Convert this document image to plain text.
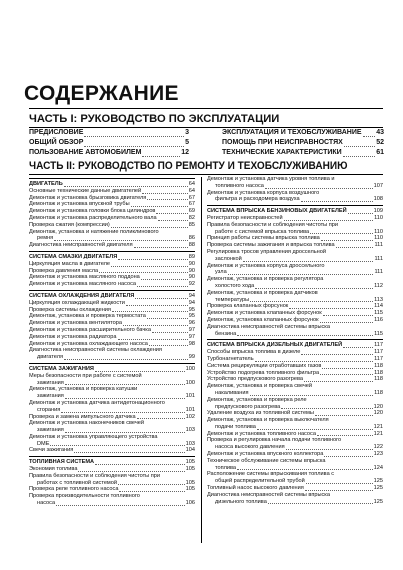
СОДЕРЖАНИЕ
ЧАСТЬ I: РУКОВОДСТВО ПО ЭКСПЛУАТАЦИИ
ПРЕДИСЛОВИЕ	3
ОБЩИЙ ОБЗОР	5
ПОЛЬЗОВАНИЕ АВТОМОБИЛЕМ	12
ЭКСПЛУАТАЦИЯ И ТЕХОБСЛУЖИВАНИЕ 43
ПОМОЩЬ ПРИ НЕИСПРАВНОСТЯХ	52
ТЕХНИЧЕСКИЕ ХАРАКТЕРИСТИКИ	61
ЧАСТЬ II: РУКОВОДСТВО ПО РЕМОНТУ И ТЕХОБСЛУЖИВАНИЮ
ДВИГАТЕЛЬ	64
Основные технические данные двигателей	64
Демонтаж и установка брызговика двигателя	67
Демонтаж и установка впускной трубы	67
Демонтаж и установка головки блока цилиндров	69
Демонтаж и установка распределительного вала	82
Проверка сжатия (компрессии)	85
Демонтаж, установка и натяжение поликлинового
ремня	86
Диагностика неисправностей двигателя	88
СИСТЕМА СМАЗКИ ДВИГАТЕЛЯ	89
Циркуляция масла в двигателе	90
Проверка давления масла	90
Демонтаж и установка масляного поддона	90
Демонтаж и установка масляного насоса	92
СИСТЕМА ОХЛАЖДЕНИЯ ДВИГАТЕЛЯ	94
Циркуляция охлаждающей жидкости	94
Проверка системы охлаждения	95
Демонтаж, установка и проверка термостата	95
Демонтаж и установка вентилятора	96
Демонтаж и установка расширительного бачка	97
Демонтаж и установка радиатора	97
Демонтаж и установка охлаждающего насоса	98
Диагностика неисправностей системы охлаждения
двигателя	99
СИСТЕМА ЗАЖИГАНИЯ	100
Меры безопасности при работе с системой
зажигания	100
Демонтаж, установка и проверка катушки
зажигания	101
Демонтаж и установка датчика антидетонационного
сгорания	101
Проверка и замена импульсного датчика	102
Демонтаж и установка наконечников свечей
зажигания	103
Демонтаж и установка управляющего устройства
DME	103
Свечи зажигания	104
ТОПЛИВНАЯ СИСТЕМА	105
Экономия топлива	105
Правила безопасности и соблюдения чистоты при
работах с топливной системой	105
Проверка реле топливного насоса	105
Проверка производительности топливного
насоса	106
Демонтаж и установка датчика уровня топлива и
топливного насоса	107
Демонтаж и установка корпуса воздушного
фильтра и расходомера воздуха	108
СИСТЕМА ВПРЫСКА БЕНЗИНОВЫХ ДВИГАТЕЛЕЙ	109
Регистратор неисправностей	110
Правила безопасности и соблюдения чистоты при
работе с системой впрыска топлива	110
Принцип работы системы впрыска топлива	110
Проверка системы зажигания и впрыска топлива	111
Регулировка тросов управления дроссельной
заслонкой	111
Демонтаж и установка корпуса дроссельного
узла	111
Демонтаж, установка и проверка регулятора
холостого хода	112
Демонтаж, установка и проверка датчиков
температуры	113
Проверка клапанных форсунок	114
Демонтаж и установка клапанных форсунок	115
Демонтаж, установка клапанных форсунок	116
Диагностика неисправностей системы впрыска
бензина	115
СИСТЕМА ВПРЫСКА ДИЗЕЛЬНЫХ ДВИГАТЕЛЕЙ	117
Способы впрыска топлива в дизеле	117
Турбонагнетатель	117
Система рециркуляции отработавших газов	118
Устройство подогрева топливного фильтра	118
Устройство предпускового разогрева	118
Демонтаж, установка и проверка свечей
накаливания	118
Демонтаж, установка и проверка реле
предпускового разогрева	120
Удаление воздуха из топливной системы	120
Демонтаж, установка и проверка выключателя
подачи топлива	121
Демонтаж и установка топливного насоса	121
Проверка и регулировка начала подачи топливного
насоса высокого давления	122
Демонтаж и установка впускного коллектора	123
Техническое обслуживание системы впрыска
топлива	124
Расположение системы впрыскивания топлива с
общей распределительной трубой	125
Топливный насос высокого давления	125
Диагностика неисправностей системы впрыска
дизельного топлива	125
